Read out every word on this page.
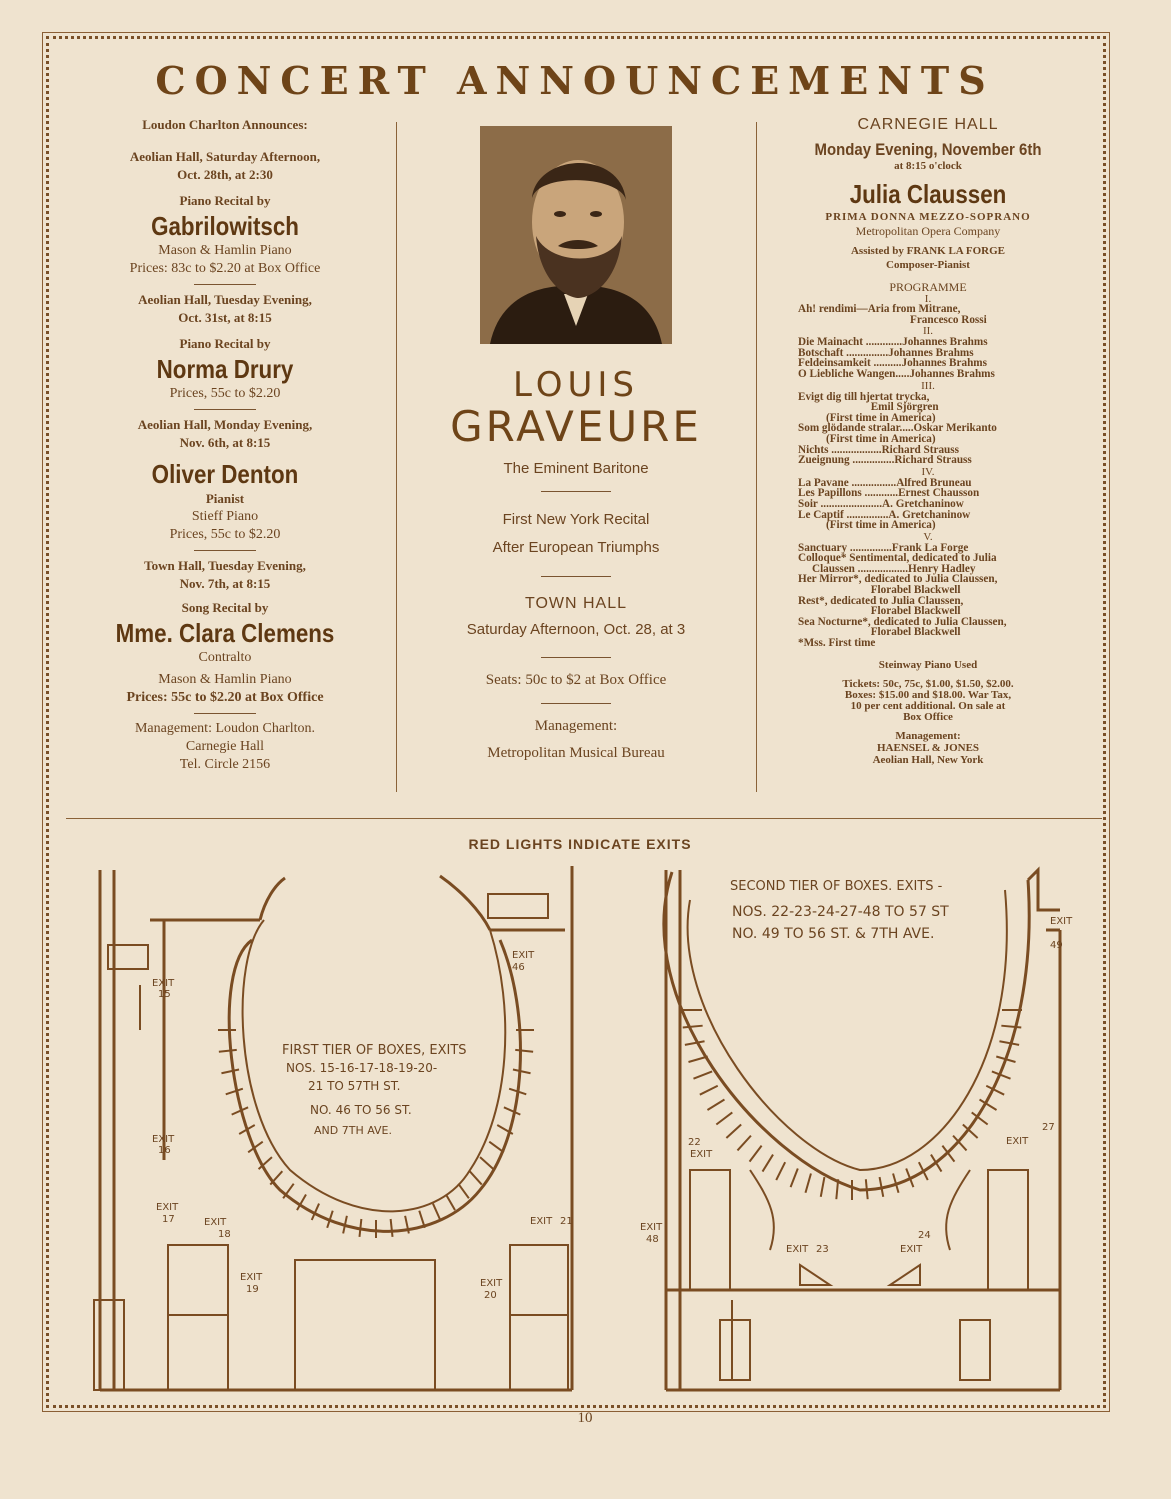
CONCERT ANNOUNCEMENTS

Loudon Charlton Announces:

Aeolian Hall, Saturday Afternoon,

Oct. 28th, at 2:30

Piano Recital by

Gabrilowitsch

Mason & Hamlin Piano

Prices: 83c to $2.20 at Box Office

Aeolian Hall, Tuesday Evening,

Oct. 31st, at 8:15

Piano Recital by

Norma Drury

Prices, 55c to $2.20

Aeolian Hall, Monday Evening,

Nov. 6th, at 8:15

Oliver Denton

Pianist

Stieff Piano

Prices, 55c to $2.20

Town Hall, Tuesday Evening,

Nov. 7th, at 8:15

Song Recital by

Mme. Clara Clemens

Contralto

Mason & Hamlin Piano

Prices: 55c to $2.20 at Box Office

Management: Loudon Charlton.

Carnegie Hall

Tel. Circle 2156

LOUIS

GRAVEURE

The Eminent Baritone

First New York Recital

After European Triumphs

TOWN HALL

Saturday Afternoon, Oct. 28, at 3

Seats: 50c to $2 at Box Office

Management:

Metropolitan Musical Bureau

CARNEGIE HALL

Monday Evening, November 6th

at 8:15 o'clock

Julia Claussen

PRIMA DONNA MEZZO-SOPRANO

Metropolitan Opera Company

Assisted by FRANK LA FORGE

Composer-Pianist

PROGRAMME

I.

Ah! rendimi—Aria from Mitrane,

Francesco Rossi

II.

Die Mainacht .............Johannes Brahms

Botschaft ...............Johannes Brahms

Feldeinsamkeit ..........Johannes Brahms

O Liebliche Wangen.....Johannes Brahms

III.

Evigt dig till hjertat trycka,

Emil Sjörgren

(First time in America)

Som glödande stralar.....Oskar Merikanto

(First time in America)

Nichts ..................Richard Strauss

Zueignung ...............Richard Strauss

IV.

La Pavane ................Alfred Bruneau

Les Papillons ............Ernest Chausson

Soir ......................A. Gretchaninow

Le Captif ...............A. Gretchaninow

(First time in America)

V.

Sanctuary ...............Frank La Forge

Colloque* Sentimental, dedicated to Julia

Claussen ..................Henry Hadley

Her Mirror*, dedicated to Julia Claussen,

Florabel Blackwell

Rest*, dedicated to Julia Claussen,

Florabel Blackwell

Sea Nocturne*, dedicated to Julia Claussen,

Florabel Blackwell

*Mss. First time

Steinway Piano Used

Tickets: 50c, 75c, $1.00, $1.50, $2.00.

Boxes: $15.00 and $18.00. War Tax,

10 per cent additional. On sale at

Box Office

Management:

HAENSEL & JONES

Aeolian Hall, New York

RED LIGHTS INDICATE EXITS
FIRST TIER OF BOXES, EXITS
NOS. 15-16-17-18-19-20-
21 TO 57TH ST.
NO. 46 TO 56 ST.
AND 7TH AVE.
EXIT
15
EXIT
16
EXIT
17	EXIT
18
EXIT
19
EXIT
20
EXIT 21
EXIT
46
SECOND TIER OF BOXES. EXITS -
NOS. 22-23-24-27-48 TO 57 ST
NO. 49 TO 56 ST. & 7TH AVE.
22
EXIT
27
EXIT
EXIT 23
24
EXIT
EXIT
48
EXIT
49
10
